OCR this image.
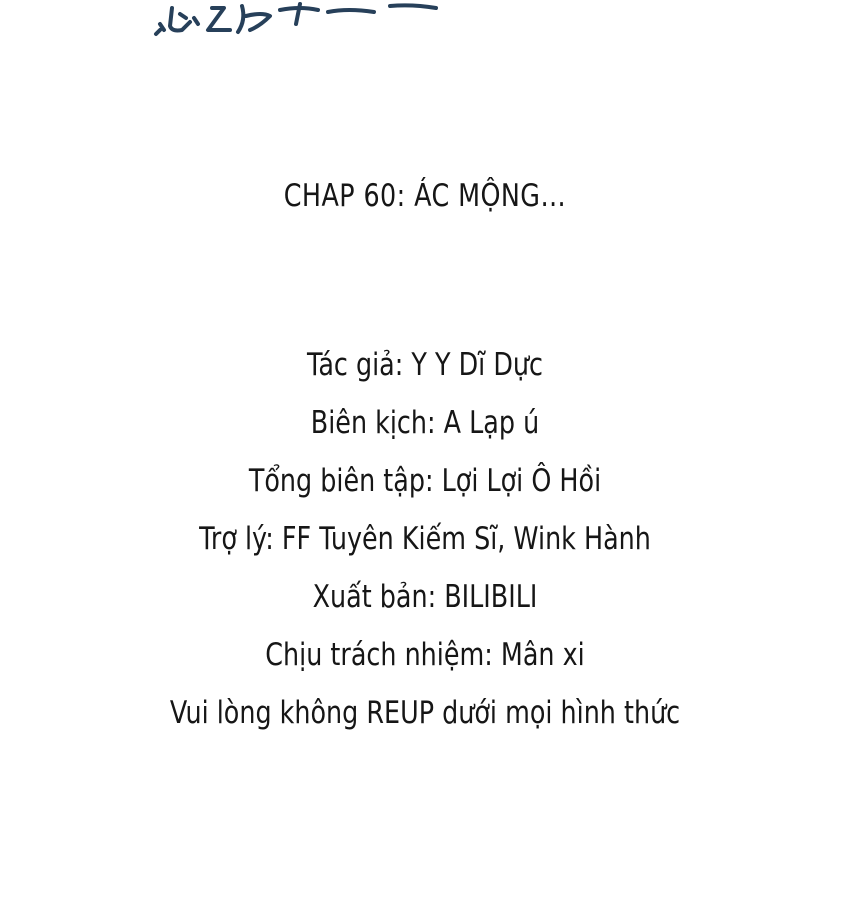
CHAP 60: ÁC MỘNG…
Tác giả: Y Y Dĩ Dực
Biên kịch: A Lạp ú
Tổng biên tập: Lợi Lợi Ô Hồi
Trợ lý: FF Tuyên Kiếm Sĩ, Wink Hành
Xuất bản: BILIBILI
Chịu trách nhiệm: Mân xi
Vui lòng không REUP dưới mọi hình thức
